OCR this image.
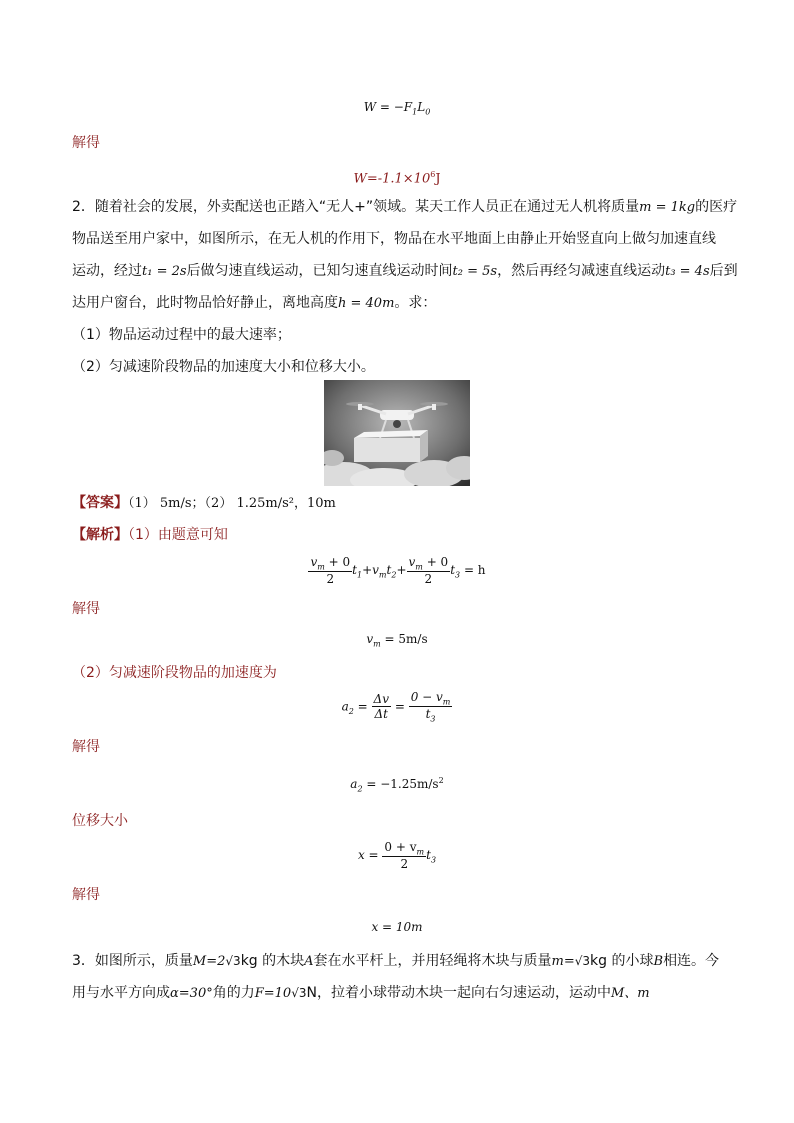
$W = -F_1L_0$
解得
$W=-1.1\times 10^6J$
2．随着社会的发展，外卖配送也正踏入“无人+”领域。某天工作人员正在通过无人机将质量m = 1kg的医疗
物品送至用户家中，如图所示，在无人机的作用下，物品在水平地面上由静止开始竖直向上做匀加速直线
运动，经过t₁ = 2s后做匀速直线运动，已知匀速直线运动时间t₂ = 5s，然后再经匀减速直线运动t₃ = 4s后到
达用户窗台，此时物品恰好静止，离地高度h = 40m。求：
（1）物品运动过程中的最大速率；
（2）匀减速阶段物品的加速度大小和位移大小。
【答案】（1） 5m/s；（2） 1.25m/s²，10m
【解析】（1）由题意可知
$\frac{v_m + 0}{2} t_1+v_mt_2+ \frac{v_m + 0}{2} t_3 = h$
解得
$v_m = 5m/s$
（2）匀减速阶段物品的加速度为
$a_2 = \frac{\Delta v}{\Delta t} = \frac{0 - v_m}{t_3}$
解得
$a_2 = -1.25m/s^2$
位移大小
$x = \frac{0 + v_m}{2} t_3$
解得
x = 10m
3．如图所示，质量M=2√3kg 的木块A套在水平杆上，并用轻绳将木块与质量m=√3kg 的小球B相连。今
用与水平方向成α=30°角的力F=10√3N，拉着小球带动木块一起向右匀速运动，运动中M、m
